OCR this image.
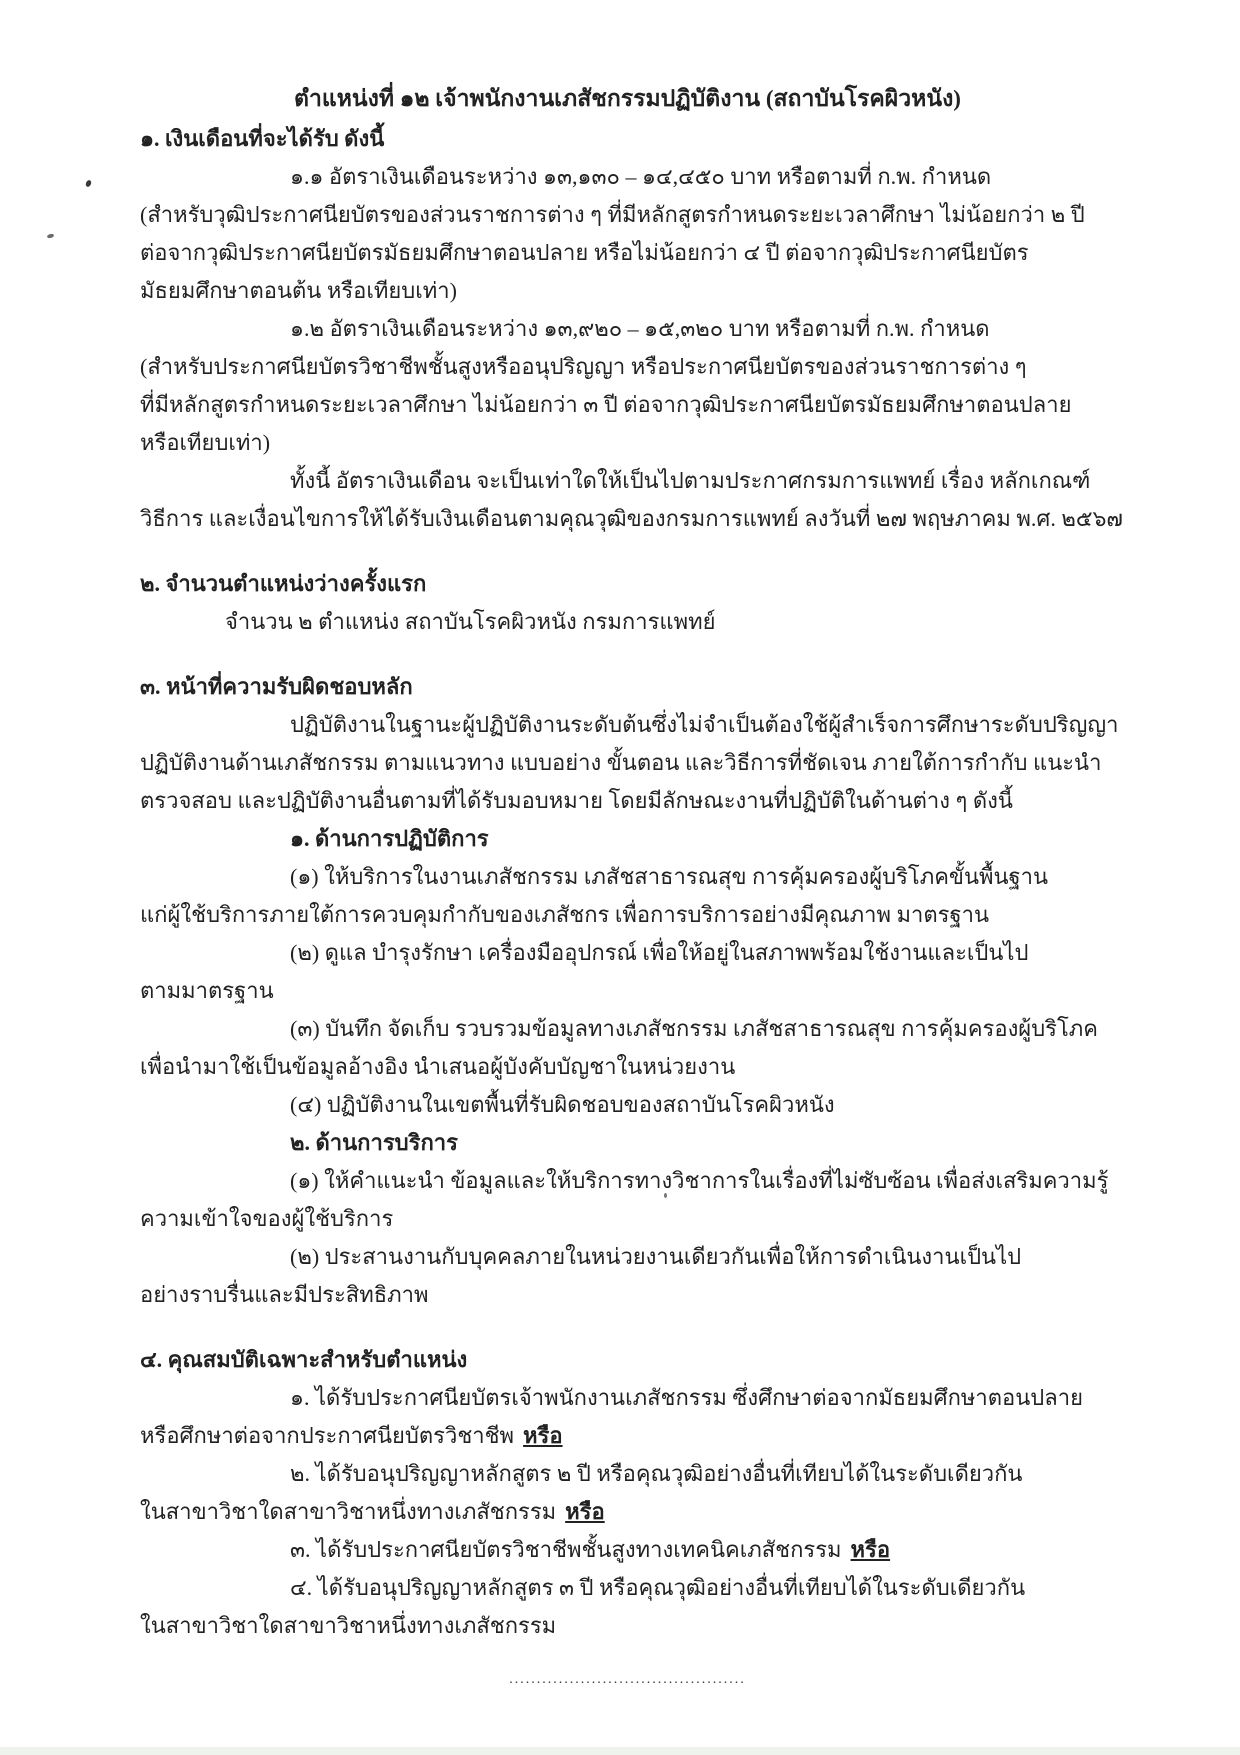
ตำแหน่งที่ ๑๒ เจ้าพนักงานเภสัชกรรมปฏิบัติงาน (สถาบันโรคผิวหนัง)
๑. เงินเดือนที่จะได้รับ ดังนี้
๑.๑ อัตราเงินเดือนระหว่าง ๑๓,๑๓๐ – ๑๔,๔๕๐ บาท หรือตามที่ ก.พ. กำหนด
(สำหรับวุฒิประกาศนียบัตรของส่วนราชการต่าง ๆ ที่มีหลักสูตรกำหนดระยะเวลาศึกษา ไม่น้อยกว่า ๒ ปี
ต่อจากวุฒิประกาศนียบัตรมัธยมศึกษาตอนปลาย หรือไม่น้อยกว่า ๔ ปี ต่อจากวุฒิประกาศนียบัตร
มัธยมศึกษาตอนต้น หรือเทียบเท่า)
๑.๒ อัตราเงินเดือนระหว่าง ๑๓,๙๒๐ – ๑๕,๓๒๐ บาท หรือตามที่ ก.พ. กำหนด
(สำหรับประกาศนียบัตรวิชาชีพชั้นสูงหรืออนุปริญญา หรือประกาศนียบัตรของส่วนราชการต่าง ๆ
ที่มีหลักสูตรกำหนดระยะเวลาศึกษา ไม่น้อยกว่า ๓ ปี ต่อจากวุฒิประกาศนียบัตรมัธยมศึกษาตอนปลาย
หรือเทียบเท่า)
ทั้งนี้ อัตราเงินเดือน จะเป็นเท่าใดให้เป็นไปตามประกาศกรมการแพทย์ เรื่อง หลักเกณฑ์
วิธีการ และเงื่อนไขการให้ได้รับเงินเดือนตามคุณวุฒิของกรมการแพทย์ ลงวันที่ ๒๗ พฤษภาคม พ.ศ. ๒๕๖๗
๒. จำนวนตำแหน่งว่างครั้งแรก
จำนวน ๒ ตำแหน่ง สถาบันโรคผิวหนัง กรมการแพทย์
๓. หน้าที่ความรับผิดชอบหลัก
ปฏิบัติงานในฐานะผู้ปฏิบัติงานระดับต้นซึ่งไม่จำเป็นต้องใช้ผู้สำเร็จการศึกษาระดับปริญญา
ปฏิบัติงานด้านเภสัชกรรม ตามแนวทาง แบบอย่าง ขั้นตอน และวิธีการที่ชัดเจน ภายใต้การกำกับ แนะนำ
ตรวจสอบ และปฏิบัติงานอื่นตามที่ได้รับมอบหมาย โดยมีลักษณะงานที่ปฏิบัติในด้านต่าง ๆ ดังนี้
๑. ด้านการปฏิบัติการ
(๑) ให้บริการในงานเภสัชกรรม เภสัชสาธารณสุข การคุ้มครองผู้บริโภคขั้นพื้นฐาน
แก่ผู้ใช้บริการภายใต้การควบคุมกำกับของเภสัชกร เพื่อการบริการอย่างมีคุณภาพ มาตรฐาน
(๒) ดูแล บำรุงรักษา เครื่องมืออุปกรณ์ เพื่อให้อยู่ในสภาพพร้อมใช้งานและเป็นไป
ตามมาตรฐาน
(๓) บันทึก จัดเก็บ รวบรวมข้อมูลทางเภสัชกรรม เภสัชสาธารณสุข การคุ้มครองผู้บริโภค
เพื่อนำมาใช้เป็นข้อมูลอ้างอิง นำเสนอผู้บังคับบัญชาในหน่วยงาน
(๔) ปฏิบัติงานในเขตพื้นที่รับผิดชอบของสถาบันโรคผิวหนัง
๒. ด้านการบริการ
(๑) ให้คำแนะนำ ข้อมูลและให้บริการทางวิชาการในเรื่องที่ไม่ซับซ้อน เพื่อส่งเสริมความรู้
ความเข้าใจของผู้ใช้บริการ
(๒) ประสานงานกับบุคคลภายในหน่วยงานเดียวกันเพื่อให้การดำเนินงานเป็นไป
อย่างราบรื่นและมีประสิทธิภาพ
๔. คุณสมบัติเฉพาะสำหรับตำแหน่ง
๑. ได้รับประกาศนียบัตรเจ้าพนักงานเภสัชกรรม ซึ่งศึกษาต่อจากมัธยมศึกษาตอนปลาย
หรือศึกษาต่อจากประกาศนียบัตรวิชาชีพ หรือ
๒. ได้รับอนุปริญญาหลักสูตร ๒ ปี หรือคุณวุฒิอย่างอื่นที่เทียบได้ในระดับเดียวกัน
ในสาขาวิชาใดสาขาวิชาหนึ่งทางเภสัชกรรม หรือ
๓. ได้รับประกาศนียบัตรวิชาชีพชั้นสูงทางเทคนิคเภสัชกรรม หรือ
๔. ได้รับอนุปริญญาหลักสูตร ๓ ปี หรือคุณวุฒิอย่างอื่นที่เทียบได้ในระดับเดียวกัน
ในสาขาวิชาใดสาขาวิชาหนึ่งทางเภสัชกรรม
...........................................
